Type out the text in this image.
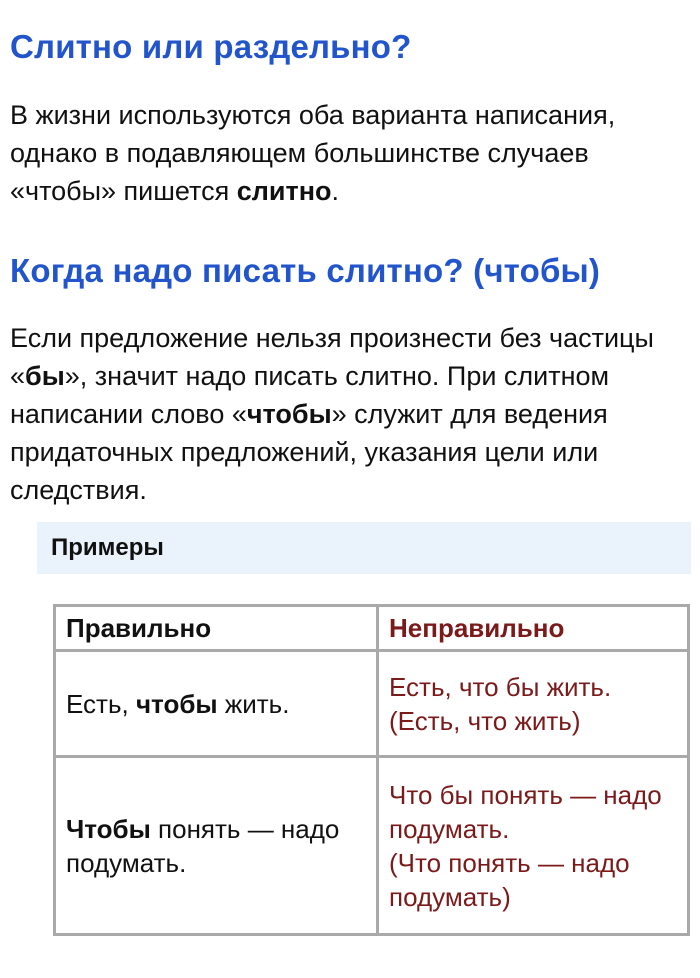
Слитно или раздельно?

В жизни используются оба варианта написания, однако в подавляющем большинстве случаев «чтобы» пишется слитно.

Когда надо писать слитно? (чтобы)

Если предложение нельзя произнести без частицы «бы», значит надо писать слитно. При слитном написании слово «чтобы» служит для ведения придаточных предложений, указания цели или следствия.

Примеры
Правильно	Неправильно
Есть, чтобы жить.	Есть, что бы жить.
(Есть, что жить)
Чтобы понять — надо подумать.	Что бы понять — надо подумать.
(Что понять — надо подумать)
